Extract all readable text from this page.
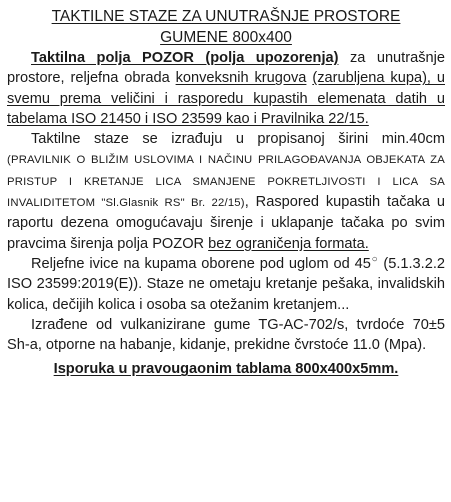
TAKTILNE STAZE ZA UNUTRAŠNJE PROSTORE
GUMENE 800x400

Taktilna polja POZOR (polja upozorenja) za unutrašnje prostore, reljefna obrada konveksnih krugova (zarubljena kupa), u svemu prema veličini i rasporedu kupastih elemenata datih u tabelama ISO 21450 i ISO 23599 kao i Pravilnika 22/15.

Taktilne staze se izrađuju u propisanoj širini min.40cm (PRAVILNIK O BLIŽIM USLOVIMA I NAČINU PRILAGOĐAVANJA OBJEKATA ZA PRISTUP I KRETANJE LICA SMANJENE POKRETLJIVOSTI I LICA SA INVALIDITETOM "Sl.Glasnik RS" Br. 22/15), Raspored kupastih tačaka u raportu dezena omogućavaju širenje i uklapanje tačaka po svim pravcima širenja polja POZOR bez ograničenja formata.

Reljefne ivice na kupama oborene pod uglom od 45○ (5.1.3.2.2 ISO 23599:2019(E)). Staze ne ometaju kretanje pešaka, invalidskih kolica, dečijih kolica i osoba sa otežanim kretanjem...

Izrađene od vulkanizirane gume TG-AC-702/s, tvrdoće 70±5 Sh-a, otporne na habanje, kidanje, prekidne čvrstoće 11.0 (Mpa).

Isporuka u pravougaonim tablama 800x400x5mm.
